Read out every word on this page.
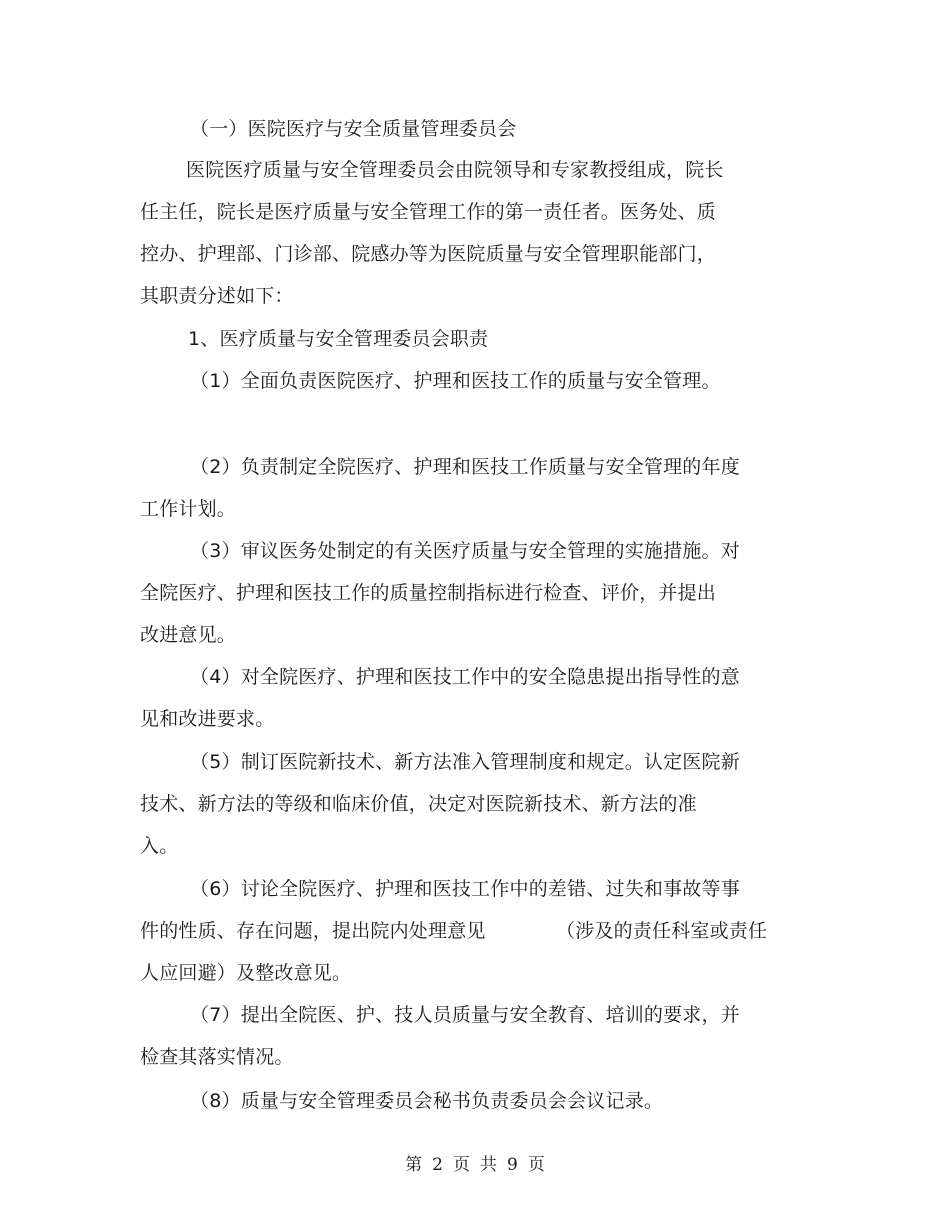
（一）医院医疗与安全质量管理委员会
医院医疗质量与安全管理委员会由院领导和专家教授组成，院长
任主任，院长是医疗质量与安全管理工作的第一责任者。医务处、质
控办、护理部、门诊部、院感办等为医院质量与安全管理职能部门，
其职责分述如下：
1、医疗质量与安全管理委员会职责
（1）全面负责医院医疗、护理和医技工作的质量与安全管理。
（2）负责制定全院医疗、护理和医技工作质量与安全管理的年度
工作计划。
（3）审议医务处制定的有关医疗质量与安全管理的实施措施。对
全院医疗、护理和医技工作的质量控制指标进行检查、评价，并提出
改进意见。
（4）对全院医疗、护理和医技工作中的安全隐患提出指导性的意
见和改进要求。
（5）制订医院新技术、新方法准入管理制度和规定。认定医院新
技术、新方法的等级和临床价值，决定对医院新技术、新方法的准
入。
（6）讨论全院医疗、护理和医技工作中的差错、过失和事故等事
件的性质、存在问题，提出院内处理意见	（涉及的责任科室或责任
人应回避）及整改意见。
（7）提出全院医、护、技人员质量与安全教育、培训的要求，并
检查其落实情况。
（8）质量与安全管理委员会秘书负责委员会会议记录。
第 2 页 共 9 页
